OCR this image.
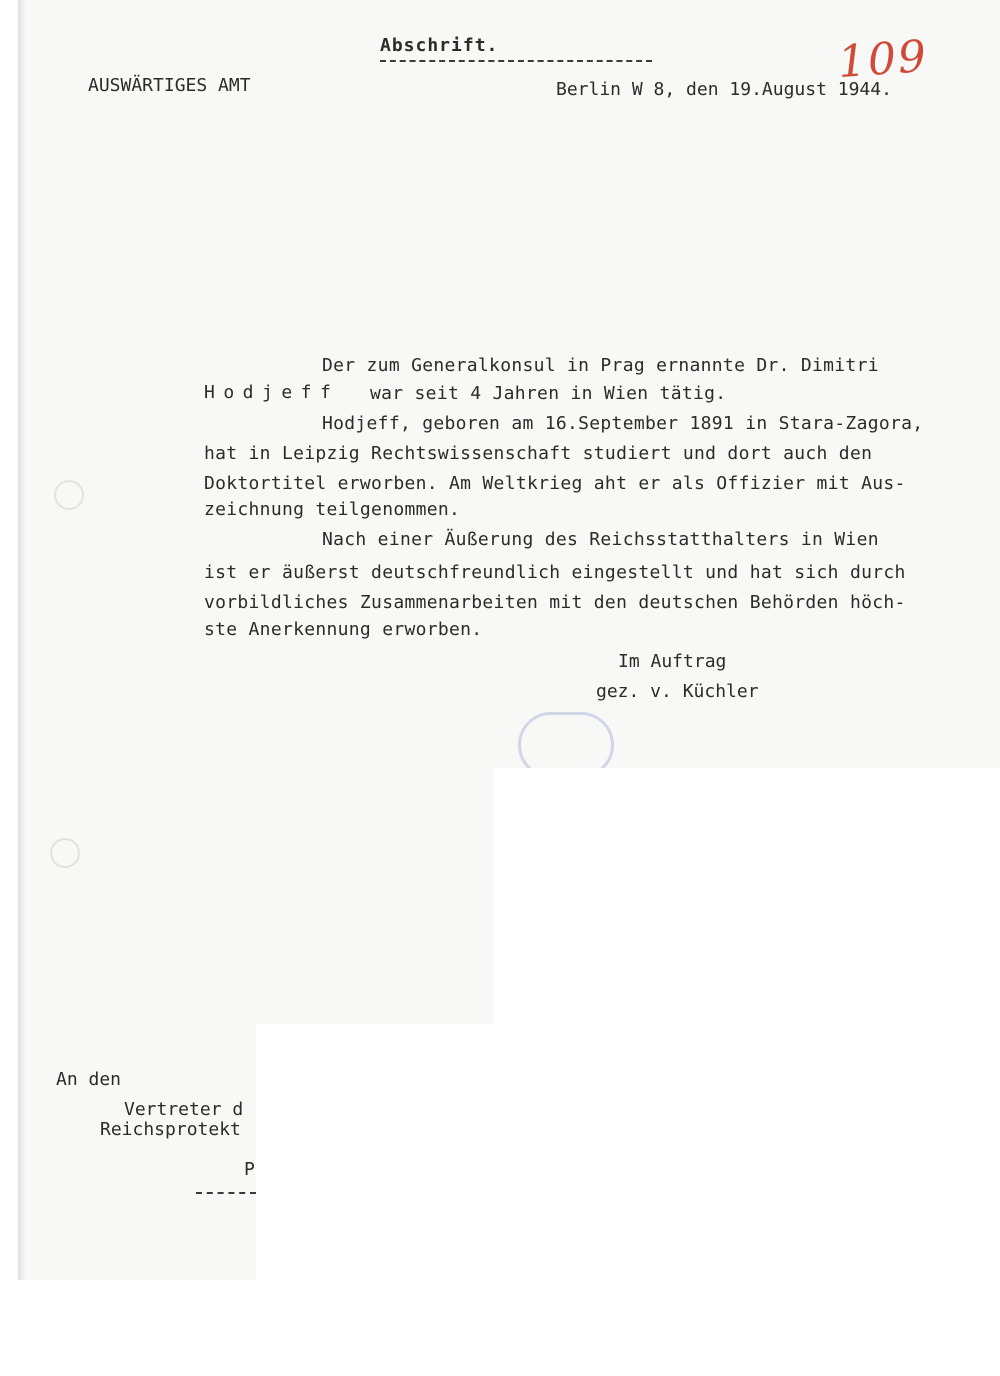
Abschrift.
AUSWÄRTIGES AMT	Berlin W 8, den 19.August 1944.
109
Der zum Generalkonsul in Prag ernannte Dr. Dimitri
Hodjeff war seit 4 Jahren in Wien tätig.
Hodjeff, geboren am 16.September 1891 in Stara-Zagora,
hat in Leipzig Rechtswissenschaft studiert und dort auch den
Doktortitel erworben. Am Weltkrieg aht er als Offizier mit Aus-
zeichnung teilgenommen.
Nach einer Äußerung des Reichsstatthalters in Wien
ist er äußerst deutschfreundlich eingestellt und hat sich durch
vorbildliches Zusammenarbeiten mit den deutschen Behörden höch-
ste Anerkennung erworben.
Im Auftrag
gez. v. Küchler
An den
Vertreter d
Reichsprotekt
P
